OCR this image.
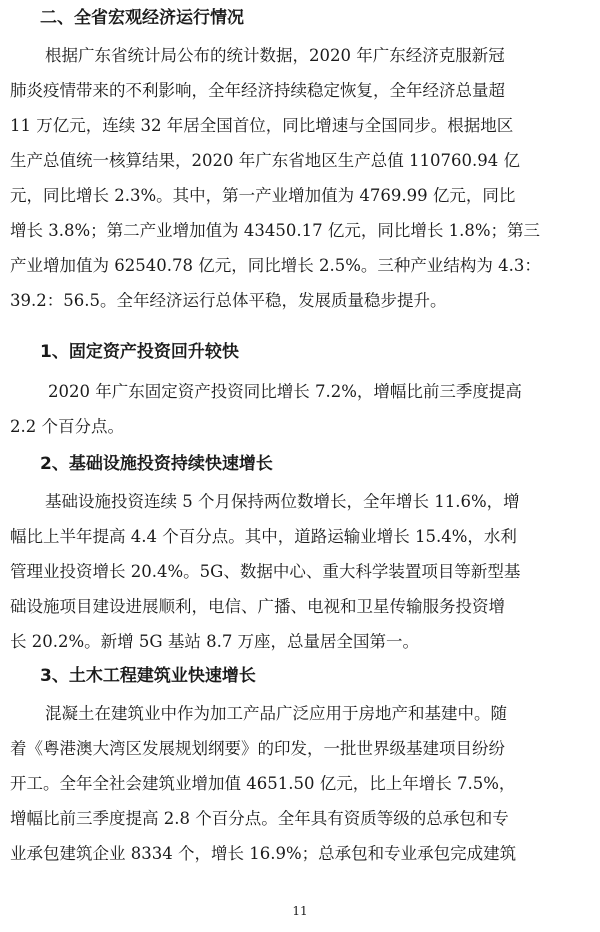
二、全省宏观经济运行情况
根据广东省统计局公布的统计数据，2020 年广东经济克服新冠
肺炎疫情带来的不利影响，全年经济持续稳定恢复，全年经济总量超
11 万亿元，连续 32 年居全国首位，同比增速与全国同步。根据地区
生产总值统一核算结果，2020 年广东省地区生产总值 110760.94 亿
元，同比增长 2.3%。其中，第一产业增加值为 4769.99 亿元，同比
增长 3.8%；第二产业增加值为 43450.17 亿元，同比增长 1.8%；第三
产业增加值为 62540.78 亿元，同比增长 2.5%。三种产业结构为 4.3：
39.2：56.5。全年经济运行总体平稳，发展质量稳步提升。
1、固定资产投资回升较快
2020 年广东固定资产投资同比增长 7.2%，增幅比前三季度提高
2.2 个百分点。
2、基础设施投资持续快速增长
基础设施投资连续 5 个月保持两位数增长，全年增长 11.6%，增
幅比上半年提高 4.4 个百分点。其中，道路运输业增长 15.4%，水利
管理业投资增长 20.4%。5G、数据中心、重大科学装置项目等新型基
础设施项目建设进展顺利，电信、广播、电视和卫星传输服务投资增
长 20.2%。新增 5G 基站 8.7 万座，总量居全国第一。
3、土木工程建筑业快速增长
混凝土在建筑业中作为加工产品广泛应用于房地产和基建中。随
着《粤港澳大湾区发展规划纲要》的印发，一批世界级基建项目纷纷
开工。全年全社会建筑业增加值 4651.50 亿元，比上年增长 7.5%，
增幅比前三季度提高 2.8 个百分点。全年具有资质等级的总承包和专
业承包建筑企业 8334 个，增长 16.9%；总承包和专业承包完成建筑
11
